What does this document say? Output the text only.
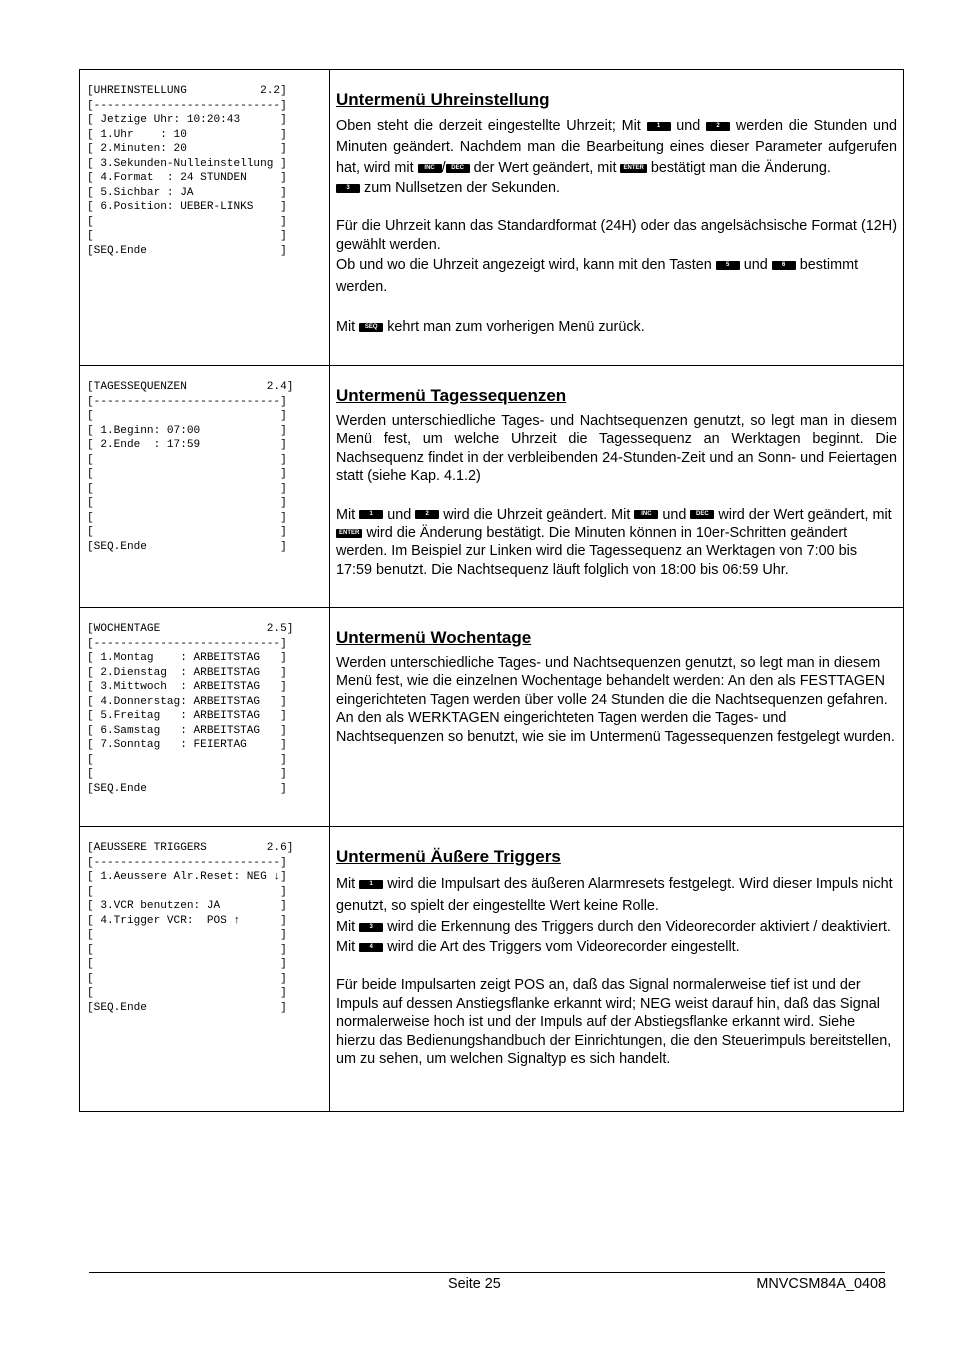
[UHREINSTELLUNG           2.2]
[----------------------------]
[ Jetzige Uhr: 10:20:43      ]
[ 1.Uhr    : 10              ]
[ 2.Minuten: 20              ]
[ 3.Sekunden-Nulleinstellung ]
[ 4.Format  : 24 STUNDEN     ]
[ 5.Sichbar : JA             ]
[ 6.Position: UEBER-LINKS    ]
[                            ]
[                            ]
[SEQ.Ende                    ]
Untermenü Uhreinstellung

Oben steht die derzeit eingestellte Uhrzeit; Mit	1 und	2 werden die Stunden und Minuten geändert. Nachdem man die Bearbeitung eines dieser Parameter aufgerufen hat, wird mit INC / DEC der Wert geändert, mit ENTER bestätigt man die Änderung.

3 zum Nullsetzen der Sekunden.

Für die Uhrzeit kann das Standardformat (24H) oder das angelsächsische Format (12H) gewählt werden.

Ob und wo die Uhrzeit angezeigt wird, kann mit den Tasten 5 und 6 bestimmt werden.

Mit SEQ kehrt man zum vorherigen Menü zurück.

[TAGESSEQUENZEN            2.4]
[----------------------------]
[                            ]
[ 1.Beginn: 07:00            ]
[ 2.Ende  : 17:59            ]
[                            ]
[                            ]
[                            ]
[                            ]
[                            ]
[                            ]
[SEQ.Ende                    ]
Untermenü Tagessequenzen

Werden unterschiedliche Tages- und Nachtsequenzen genutzt, so legt man in diesem Menü fest, um welche Uhrzeit die Tagessequenz an Werktagen beginnt. Die Nachsequenz findet in der verbleibenden 24-Stunden-Zeit und an Sonn- und Feiertagen statt (siehe Kap. 4.1.2)

Mit 1 und 2 wird die Uhrzeit geändert. Mit INC und DEC wird der Wert geändert, mit ENTER wird die Änderung bestätigt. Die Minuten können in 10er-Schritten geändert werden. Im Beispiel zur Linken wird die Tagessequenz an Werktagen von 7:00 bis 17:59 benutzt. Die Nachtsequenz läuft folglich von 18:00 bis 06:59 Uhr.

[WOCHENTAGE                2.5]
[----------------------------]
[ 1.Montag    : ARBEITSTAG   ]
[ 2.Dienstag  : ARBEITSTAG   ]
[ 3.Mittwoch  : ARBEITSTAG   ]
[ 4.Donnerstag: ARBEITSTAG   ]
[ 5.Freitag   : ARBEITSTAG   ]
[ 6.Samstag   : ARBEITSTAG   ]
[ 7.Sonntag   : FEIERTAG     ]
[                            ]
[                            ]
[SEQ.Ende                    ]
Untermenü Wochentage

Werden unterschiedliche Tages- und Nachtsequenzen genutzt, so legt man in diesem Menü fest, wie die einzelnen Wochentage behandelt werden: An den als FESTTAGEN eingerichteten Tagen werden über volle 24 Stunden die die Nachtsequenzen gefahren. An den als WERKTAGEN eingerichteten Tagen werden die Tages- und Nachtsequenzen so benutzt, wie sie im Untermenü Tagessequenzen festgelegt wurden.

[AEUSSERE TRIGGERS         2.6]
[----------------------------]
[ 1.Aeussere Alr.Reset: NEG ↓]
[                            ]
[ 3.VCR benutzen: JA         ]
[ 4.Trigger VCR:  POS ↑      ]
[                            ]
[                            ]
[                            ]
[                            ]
[                            ]
[SEQ.Ende                    ]
Untermenü Äußere Triggers

Mit 1 wird die Impulsart des äußeren Alarmresets festgelegt. Wird dieser Impuls nicht genutzt, so spielt der eingestellte Wert keine Rolle.

Mit 3 wird die Erkennung des Triggers durch den Videorecorder aktiviert / deaktiviert.

Mit 4 wird die Art des Triggers vom Videorecorder eingestellt.

Für beide Impulsarten zeigt POS an, daß das Signal normalerweise tief ist und der Impuls auf dessen Anstiegsflanke erkannt wird; NEG weist darauf hin, daß das Signal normalerweise hoch ist und der Impuls auf der Abstiegsflanke erkannt wird. Siehe hierzu das Bedienungshandbuch der Einrichtungen, die den Steuerimpuls bereitstellen, um zu sehen, um welchen Signaltyp es sich handelt.

Seite 25	MNVCSM84A_0408
